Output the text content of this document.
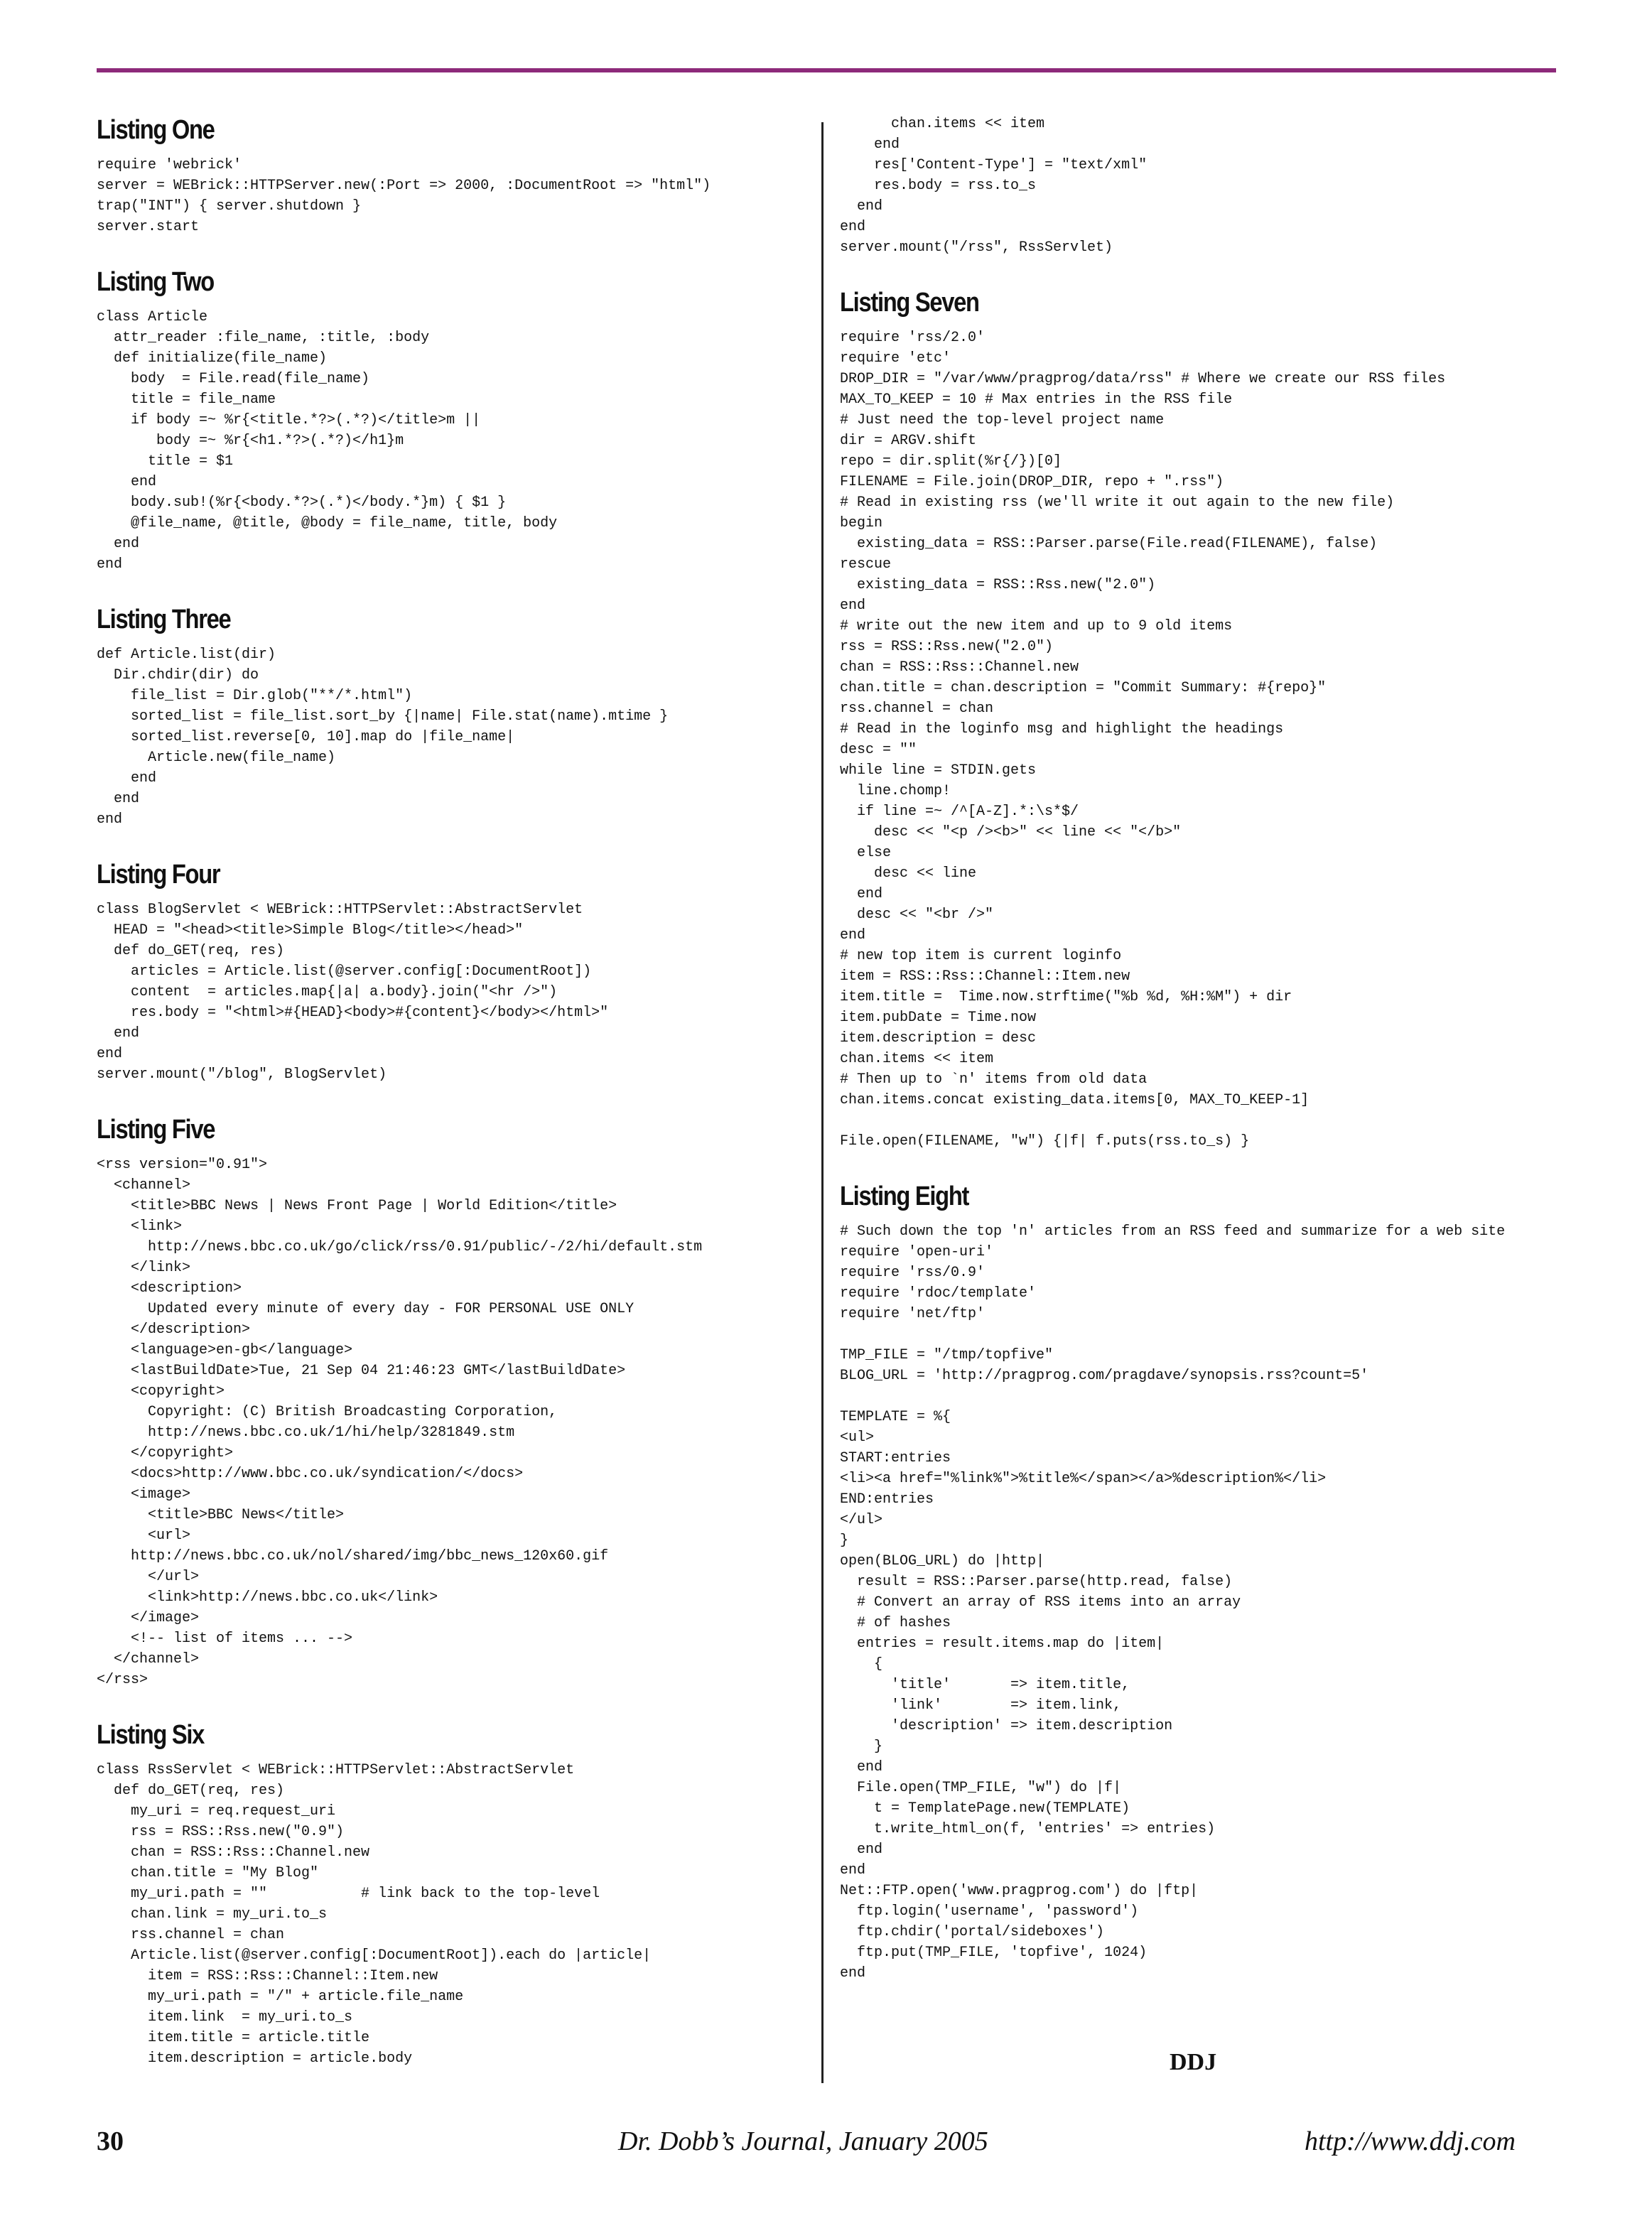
Listing One
require 'webrick'
server = WEBrick::HTTPServer.new(:Port => 2000, :DocumentRoot => "html")
trap("INT") { server.shutdown }
server.start
Listing Two
class Article
attr_reader :file_name, :title, :body
def initialize(file_name)
body  = File.read(file_name)
title = file_name
if body =~ %r{<title.*?>(.*?)</title>m ||
body =~ %r{<h1.*?>(.*?)</h1}m
title = $1
end
body.sub!(%r{<body.*?>(.*)</body.*}m) { $1 }
@file_name, @title, @body = file_name, title, body
end
end
Listing Three
def Article.list(dir)
Dir.chdir(dir) do
file_list = Dir.glob("**/*.html")
sorted_list = file_list.sort_by {|name| File.stat(name).mtime }
sorted_list.reverse[0, 10].map do |file_name|
Article.new(file_name)
end
end
end
Listing Four
class BlogServlet < WEBrick::HTTPServlet::AbstractServlet
HEAD = "<head><title>Simple Blog</title></head>"
def do_GET(req, res)
articles = Article.list(@server.config[:DocumentRoot])
content  = articles.map{|a| a.body}.join("<hr />")
res.body = "<html>#{HEAD}<body>#{content}</body></html>"
end
end
server.mount("/blog", BlogServlet)
Listing Five
<rss version="0.91">
<channel>
<title>BBC News | News Front Page | World Edition</title>
<link>
http://news.bbc.co.uk/go/click/rss/0.91/public/-/2/hi/default.stm
</link>
<description>
Updated every minute of every day - FOR PERSONAL USE ONLY
</description>
<language>en-gb</language>
<lastBuildDate>Tue, 21 Sep 04 21:46:23 GMT</lastBuildDate>
<copyright>
Copyright: (C) British Broadcasting Corporation,
http://news.bbc.co.uk/1/hi/help/3281849.stm
</copyright>
<docs>http://www.bbc.co.uk/syndication/</docs>
<image>
<title>BBC News</title>
<url>
http://news.bbc.co.uk/nol/shared/img/bbc_news_120x60.gif
</url>
<link>http://news.bbc.co.uk</link>
</image>
<!-- list of items ... -->
</channel>
</rss>
Listing Six
class RssServlet < WEBrick::HTTPServlet::AbstractServlet
def do_GET(req, res)
my_uri = req.request_uri
rss = RSS::Rss.new("0.9")
chan = RSS::Rss::Channel.new
chan.title = "My Blog"
my_uri.path = ""           # link back to the top-level
chan.link = my_uri.to_s
rss.channel = chan
Article.list(@server.config[:DocumentRoot]).each do |article|
item = RSS::Rss::Channel::Item.new
my_uri.path = "/" + article.file_name
item.link  = my_uri.to_s
item.title = article.title
item.description = article.body
chan.items << item
end
res['Content-Type'] = "text/xml"
res.body = rss.to_s
end
end
server.mount("/rss", RssServlet)
Listing Seven
require 'rss/2.0'
require 'etc'
DROP_DIR = "/var/www/pragprog/data/rss" # Where we create our RSS files
MAX_TO_KEEP = 10 # Max entries in the RSS file
# Just need the top-level project name
dir = ARGV.shift
repo = dir.split(%r{/})[0]
FILENAME = File.join(DROP_DIR, repo + ".rss")
# Read in existing rss (we'll write it out again to the new file)
begin
existing_data = RSS::Parser.parse(File.read(FILENAME), false)
rescue
existing_data = RSS::Rss.new("2.0")
end
# write out the new item and up to 9 old items
rss = RSS::Rss.new("2.0")
chan = RSS::Rss::Channel.new
chan.title = chan.description = "Commit Summary: #{repo}"
rss.channel = chan
# Read in the loginfo msg and highlight the headings
desc = ""
while line = STDIN.gets
line.chomp!
if line =~ /^[A-Z].*:\s*$/
desc << "<p /><b>" << line << "</b>"
else
desc << line
end
desc << "<br />"
end
# new top item is current loginfo
item = RSS::Rss::Channel::Item.new
item.title =  Time.now.strftime("%b %d, %H:%M") + dir
item.pubDate = Time.now
item.description = desc
chan.items << item
# Then up to `n' items from old data
chan.items.concat existing_data.items[0, MAX_TO_KEEP-1]

File.open(FILENAME, "w") {|f| f.puts(rss.to_s) }
Listing Eight
# Such down the top 'n' articles from an RSS feed and summarize for a web site
require 'open-uri'
require 'rss/0.9'
require 'rdoc/template'
require 'net/ftp'

TMP_FILE = "/tmp/topfive"
BLOG_URL = 'http://pragprog.com/pragdave/synopsis.rss?count=5'

TEMPLATE = %{
<ul>
START:entries
<li><a href="%link%">%title%</span></a>%description%</li>
END:entries
</ul>
}
open(BLOG_URL) do |http|
result = RSS::Parser.parse(http.read, false)
# Convert an array of RSS items into an array
# of hashes
entries = result.items.map do |item|
{
'title'       => item.title,
'link'        => item.link,
'description' => item.description
}
end
File.open(TMP_FILE, "w") do |f|
t = TemplatePage.new(TEMPLATE)
t.write_html_on(f, 'entries' => entries)
end
end
Net::FTP.open('www.pragprog.com') do |ftp|
ftp.login('username', 'password')
ftp.chdir('portal/sideboxes')
ftp.put(TMP_FILE, 'topfive', 1024)
end
DDJ
30	Dr. Dobb’s Journal, January 2005	http://www.ddj.com
